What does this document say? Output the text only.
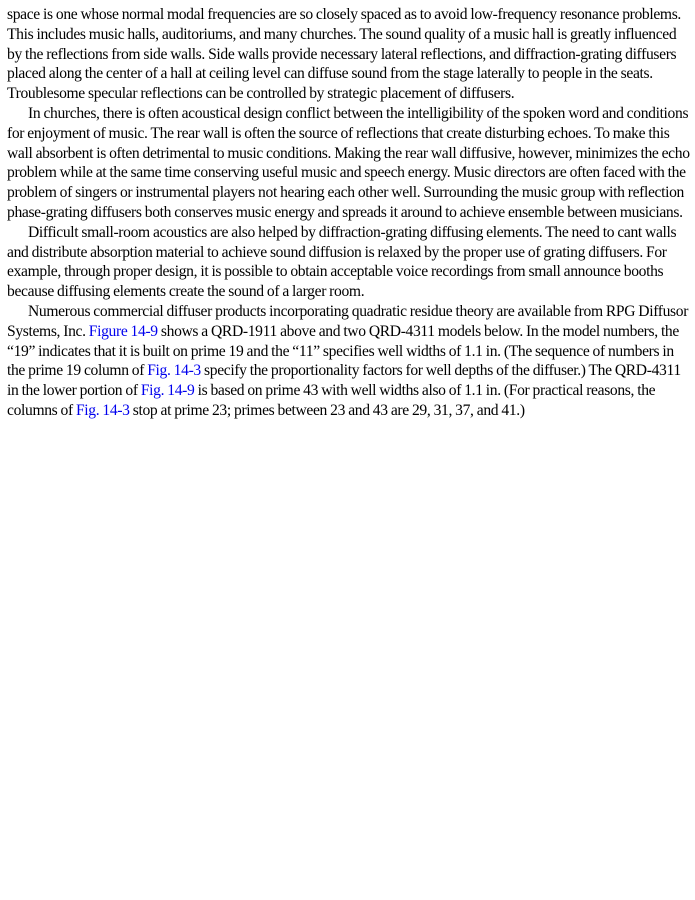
space is one whose normal modal frequencies are so closely spaced as to avoid low-frequency resonance problems. This includes music halls, auditoriums, and many churches. The sound quality of a music hall is greatly influenced by the reflections from side walls. Side walls provide necessary lateral reflections, and diffraction-grating diffusers placed along the center of a hall at ceiling level can diffuse sound from the stage laterally to people in the seats. Troublesome specular reflections can be controlled by strategic placement of diffusers.

In churches, there is often acoustical design conflict between the intelligibility of the spoken word and conditions for enjoyment of music. The rear wall is often the source of reflections that create disturbing echoes. To make this wall absorbent is often detrimental to music conditions. Making the rear wall diffusive, however, minimizes the echo problem while at the same time conserving useful music and speech energy. Music directors are often faced with the problem of singers or instrumental players not hearing each other well. Surrounding the music group with reflection phase-grating diffusers both conserves music energy and spreads it around to achieve ensemble between musicians.

Difficult small-room acoustics are also helped by diffraction-grating diffusing elements. The need to cant walls and distribute absorption material to achieve sound diffusion is relaxed by the proper use of grating diffusers. For example, through proper design, it is possible to obtain acceptable voice recordings from small announce booths because diffusing elements create the sound of a larger room.

Numerous commercial diffuser products incorporating quadratic residue theory are available from RPG Diffusor Systems, Inc. Figure 14-9 shows a QRD-1911 above and two QRD-4311 models below. In the model numbers, the “19” indicates that it is built on prime 19 and the “11” specifies well widths of 1.1 in. (The sequence of numbers in the prime 19 column of Fig. 14-3 specify the proportionality factors for well depths of the diffuser.) The QRD-4311 in the lower portion of Fig. 14-9 is based on prime 43 with well widths also of 1.1 in. (For practical reasons, the columns of Fig. 14-3 stop at prime 23; primes between 23 and 43 are 29, 31, 37, and 41.)
